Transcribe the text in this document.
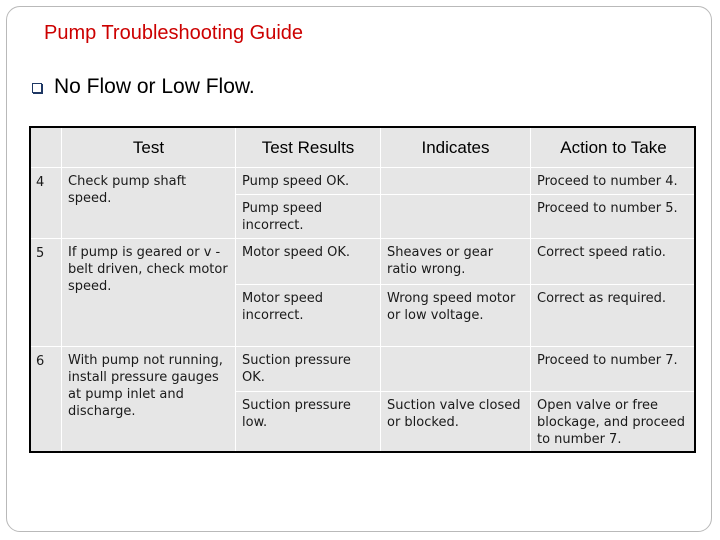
Pump Troubleshooting Guide
No Flow or Low Flow.
	Test	Test Results	Indicates	Action to Take
4	Check pump shaft speed.	Pump speed OK.		Proceed to number 4.
		Pump speed incorrect.		Proceed to number 5.
5	If pump is geared or v -belt driven, check motor speed.	Motor speed OK.	Sheaves or gear ratio wrong.	Correct speed ratio.
		Motor speed incorrect.	Wrong speed motor or low voltage.	Correct as required.
6	With pump not running, install pressure gauges at pump inlet and discharge.	Suction pressure OK.		Proceed to number 7.
		Suction pressure low.	Suction valve closed or blocked.	Open valve or free blockage, and proceed to number 7.
